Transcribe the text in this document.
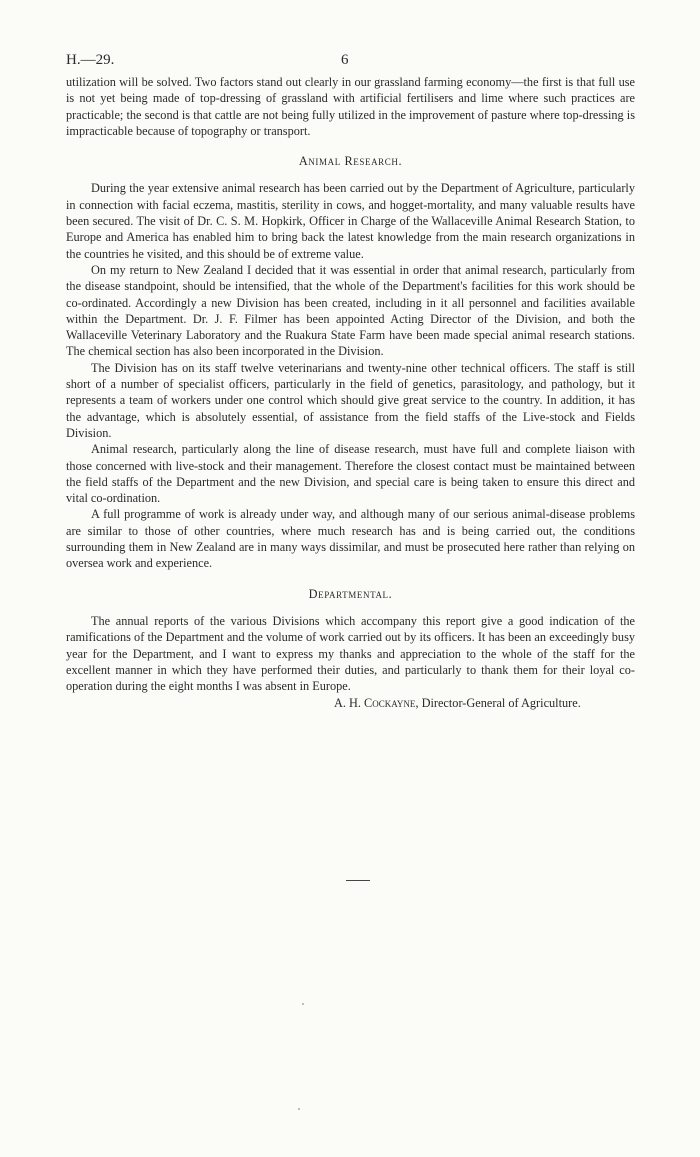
H.—29.	6

utilization will be solved. Two factors stand out clearly in our grassland farming economy—the first is that full use is not yet being made of top-dressing of grassland with artificial fertilisers and lime where such practices are practicable; the second is that cattle are not being fully utilized in the improvement of pasture where top-dressing is impracticable because of topography or transport.

Animal Research.

During the year extensive animal research has been carried out by the Department of Agriculture, particularly in connection with facial eczema, mastitis, sterility in cows, and hogget-mortality, and many valuable results have been secured. The visit of Dr. C. S. M. Hopkirk, Officer in Charge of the Wallaceville Animal Research Station, to Europe and America has enabled him to bring back the latest knowledge from the main research organizations in the countries he visited, and this should be of extreme value.

On my return to New Zealand I decided that it was essential in order that animal research, particularly from the disease standpoint, should be intensified, that the whole of the Department's facilities for this work should be co-ordinated. Accordingly a new Division has been created, including in it all personnel and facilities available within the Department. Dr. J. F. Filmer has been appointed Acting Director of the Division, and both the Wallaceville Veterinary Laboratory and the Ruakura State Farm have been made special animal research stations. The chemical section has also been incorporated in the Division.

The Division has on its staff twelve veterinarians and twenty-nine other technical officers. The staff is still short of a number of specialist officers, particularly in the field of genetics, parasitology, and pathology, but it represents a team of workers under one control which should give great service to the country. In addition, it has the advantage, which is absolutely essential, of assistance from the field staffs of the Live-stock and Fields Division.

Animal research, particularly along the line of disease research, must have full and complete liaison with those concerned with live-stock and their management. Therefore the closest contact must be maintained between the field staffs of the Department and the new Division, and special care is being taken to ensure this direct and vital co-ordination.

A full programme of work is already under way, and although many of our serious animal-disease problems are similar to those of other countries, where much research has and is being carried out, the conditions surrounding them in New Zealand are in many ways dissimilar, and must be prosecuted here rather than relying on oversea work and experience.

Departmental.

The annual reports of the various Divisions which accompany this report give a good indication of the ramifications of the Department and the volume of work carried out by its officers. It has been an exceedingly busy year for the Department, and I want to express my thanks and appreciation to the whole of the staff for the excellent manner in which they have performed their duties, and particularly to thank them for their loyal co-operation during the eight months I was absent in Europe.

A. H. Cockayne, Director-General of Agriculture.
